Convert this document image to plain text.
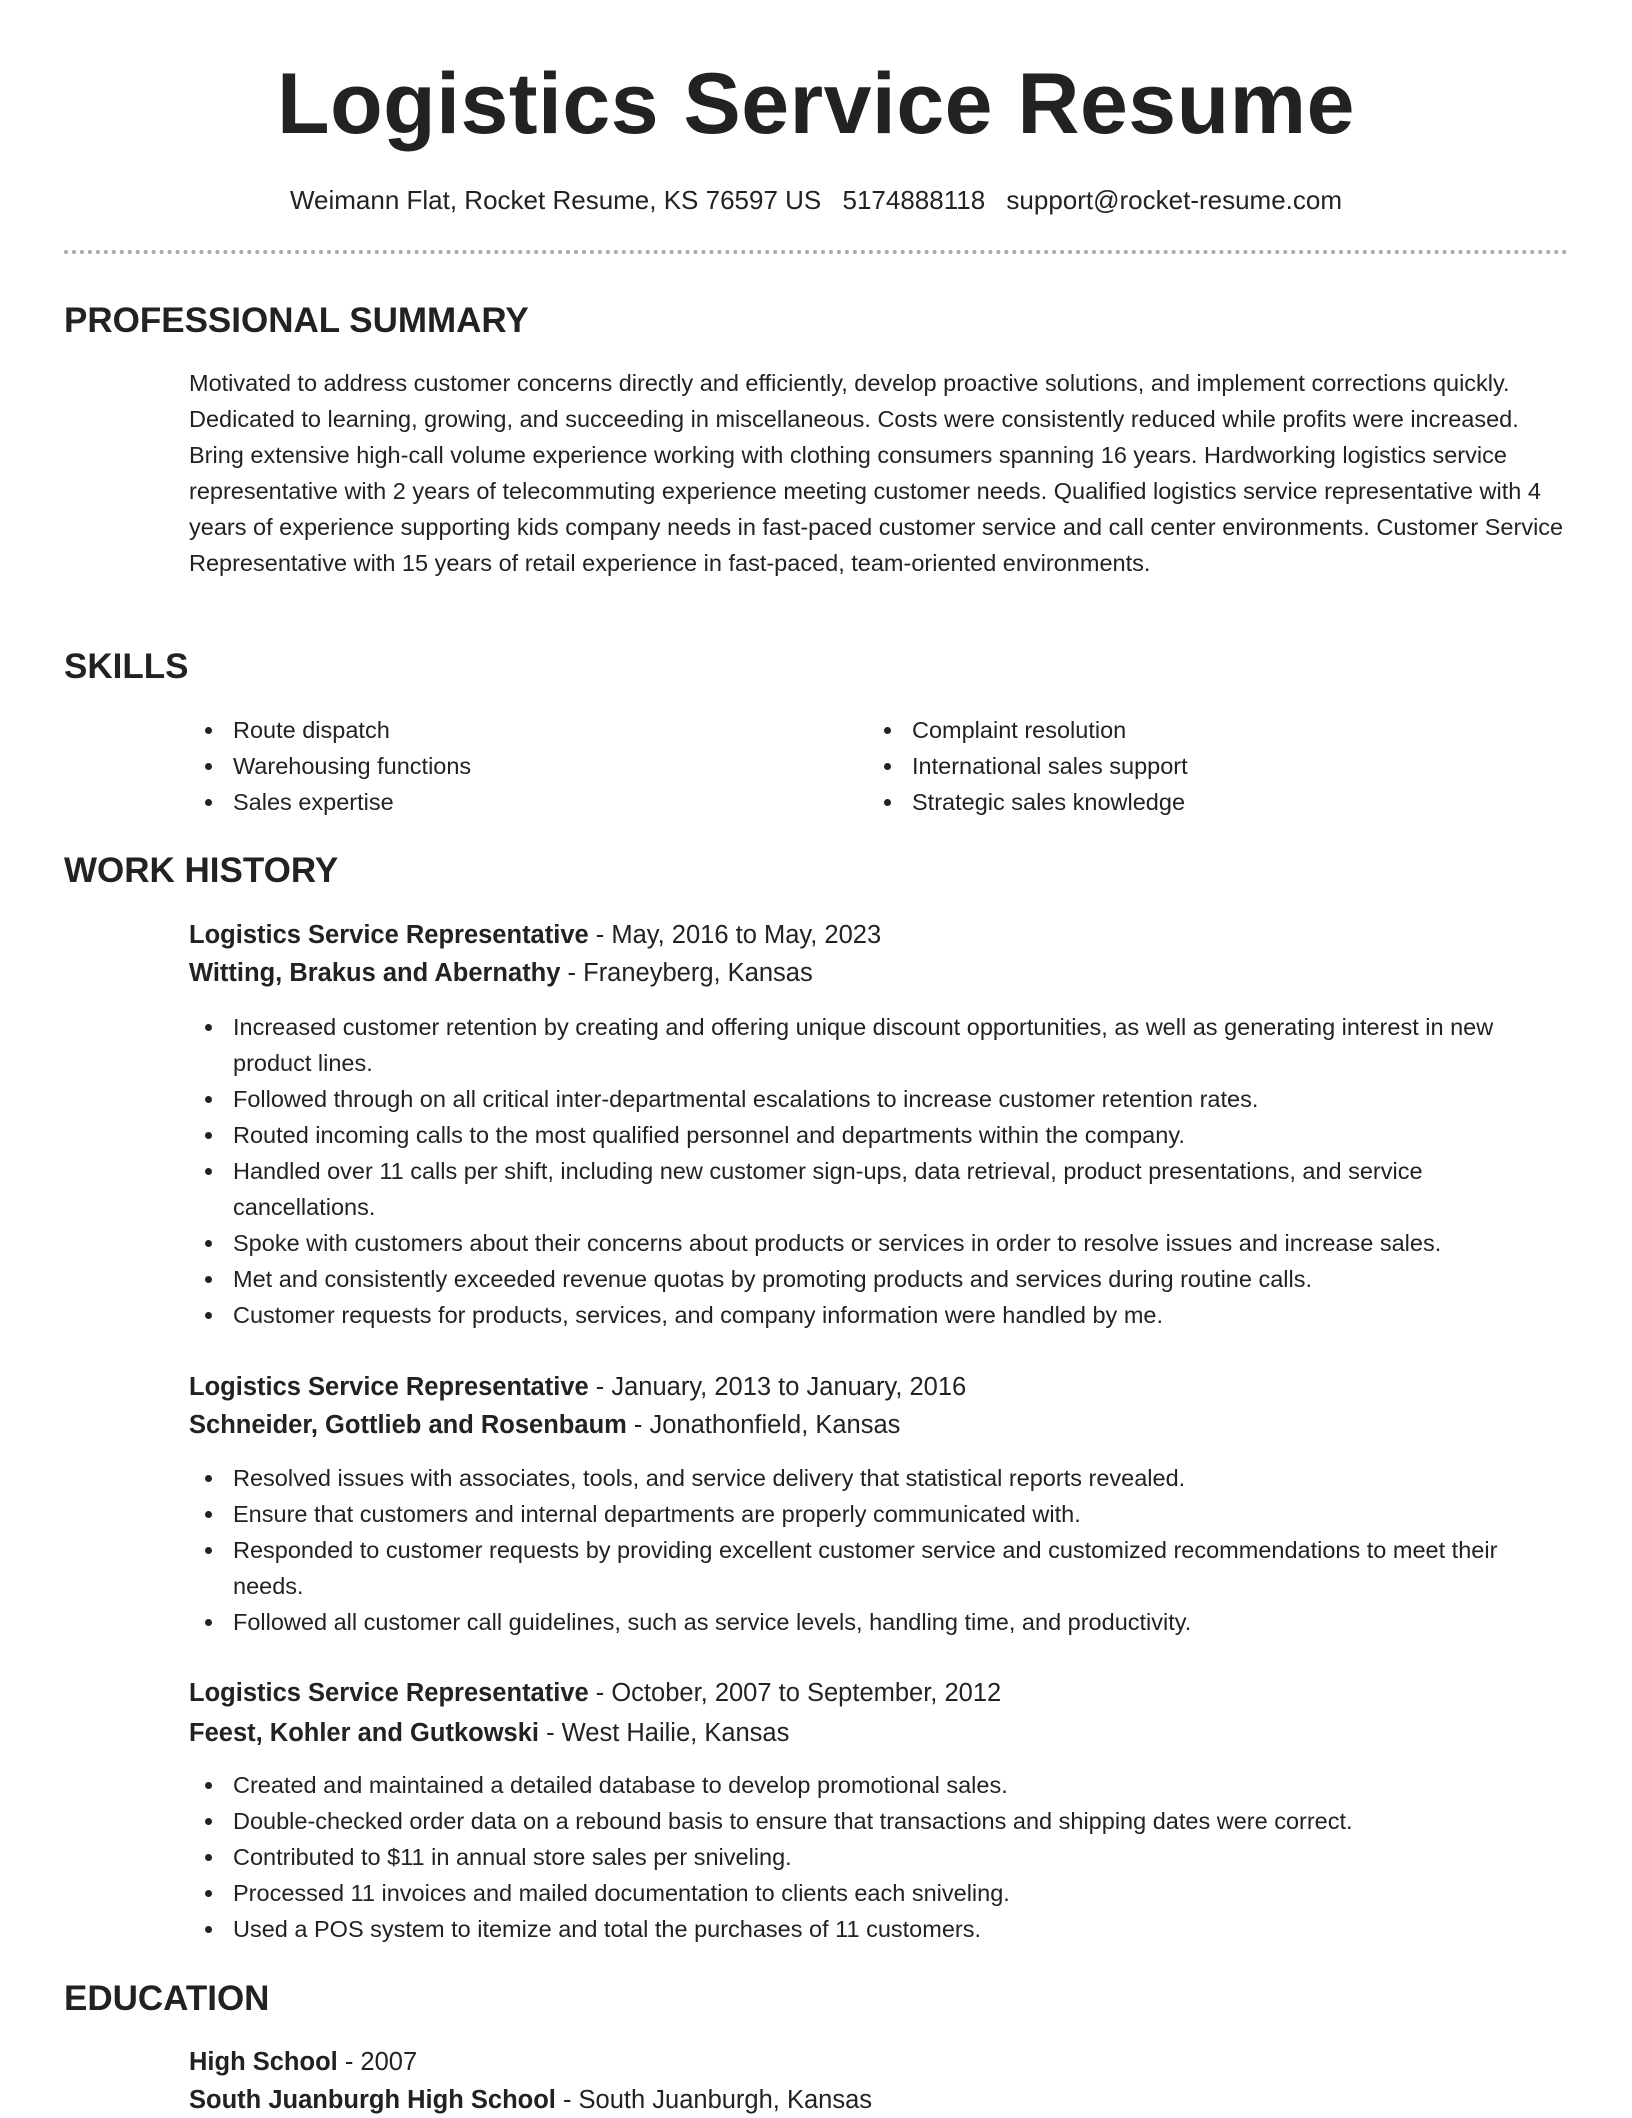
Logistics Service Resume
Weimann Flat, Rocket Resume, KS 76597 US 5174888118 support@rocket-resume.com
PROFESSIONAL SUMMARY

Motivated to address customer concerns directly and efficiently, develop proactive solutions, and implement corrections quickly. Dedicated to learning, growing, and succeeding in miscellaneous. Costs were consistently reduced while profits were increased. Bring extensive high-call volume experience working with clothing consumers spanning 16 years. Hardworking logistics service representative with 2 years of telecommuting experience meeting customer needs. Qualified logistics service representative with 4 years of experience supporting kids company needs in fast-paced customer service and call center environments. Customer Service Representative with 15 years of retail experience in fast-paced, team-oriented environments.

SKILLS
Route dispatch
Warehousing functions
Sales expertise
Complaint resolution
International sales support
Strategic sales knowledge
WORK HISTORY
Logistics Service Representative - May, 2016 to May, 2023
Witting, Brakus and Abernathy - Franeyberg, Kansas
Increased customer retention by creating and offering unique discount opportunities, as well as generating interest in new product lines.
Followed through on all critical inter-departmental escalations to increase customer retention rates.
Routed incoming calls to the most qualified personnel and departments within the company.
Handled over 11 calls per shift, including new customer sign-ups, data retrieval, product presentations, and service cancellations.
Spoke with customers about their concerns about products or services in order to resolve issues and increase sales.
Met and consistently exceeded revenue quotas by promoting products and services during routine calls.
Customer requests for products, services, and company information were handled by me.
Logistics Service Representative - January, 2013 to January, 2016
Schneider, Gottlieb and Rosenbaum - Jonathonfield, Kansas
Resolved issues with associates, tools, and service delivery that statistical reports revealed.
Ensure that customers and internal departments are properly communicated with.
Responded to customer requests by providing excellent customer service and customized recommendations to meet their needs.
Followed all customer call guidelines, such as service levels, handling time, and productivity.
Logistics Service Representative - October, 2007 to September, 2012
Feest, Kohler and Gutkowski - West Hailie, Kansas
Created and maintained a detailed database to develop promotional sales.
Double-checked order data on a rebound basis to ensure that transactions and shipping dates were correct.
Contributed to $11 in annual store sales per sniveling.
Processed 11 invoices and mailed documentation to clients each sniveling.
Used a POS system to itemize and total the purchases of 11 customers.
EDUCATION
High School - 2007
South Juanburgh High School - South Juanburgh, Kansas
